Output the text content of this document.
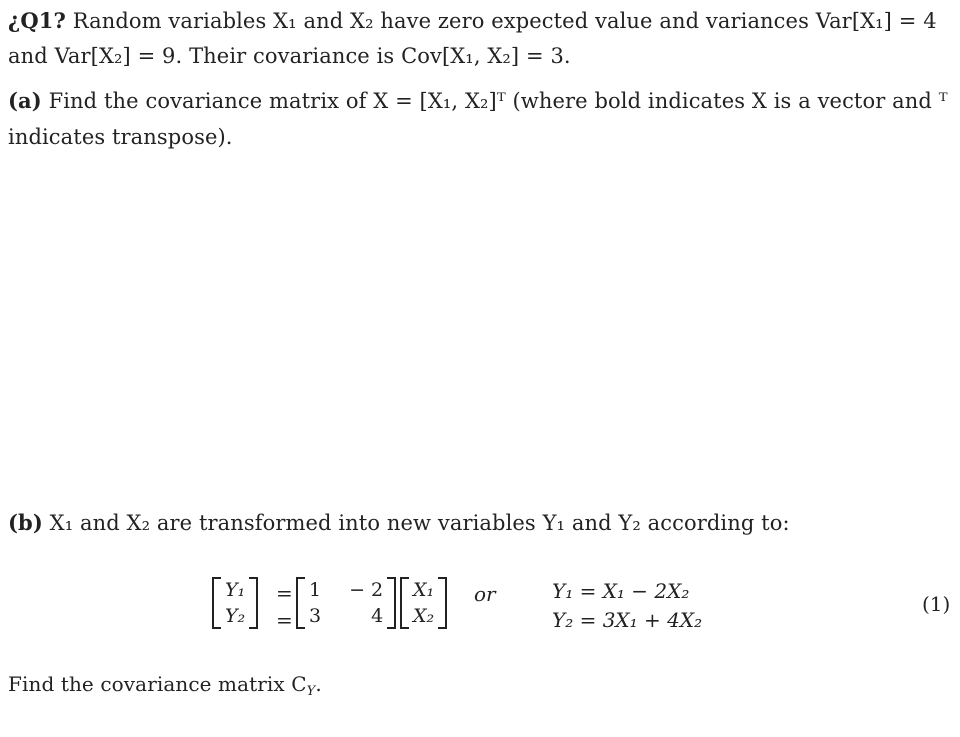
¿Q1? Random variables X₁ and X₂ have zero expected value and variances Var[X₁] = 4
and Var[X₂] = 9. Their covariance is Cov[X₁, X₂] = 3.
(a) Find the covariance matrix of X = [X₁, X₂]ᵀ (where bold indicates X is a vector and ᵀ
indicates transpose).
(b) X₁ and X₂ are transformed into new variables Y₁ and Y₂ according to:
Y₁
Y₂
=
=
1 − 2
3	4
X₁
X₂
or	Y₁ = X₁ − 2X₂
Y₂ = 3X₁ + 4X₂
(1)
Find the covariance matrix $C_Y$.
